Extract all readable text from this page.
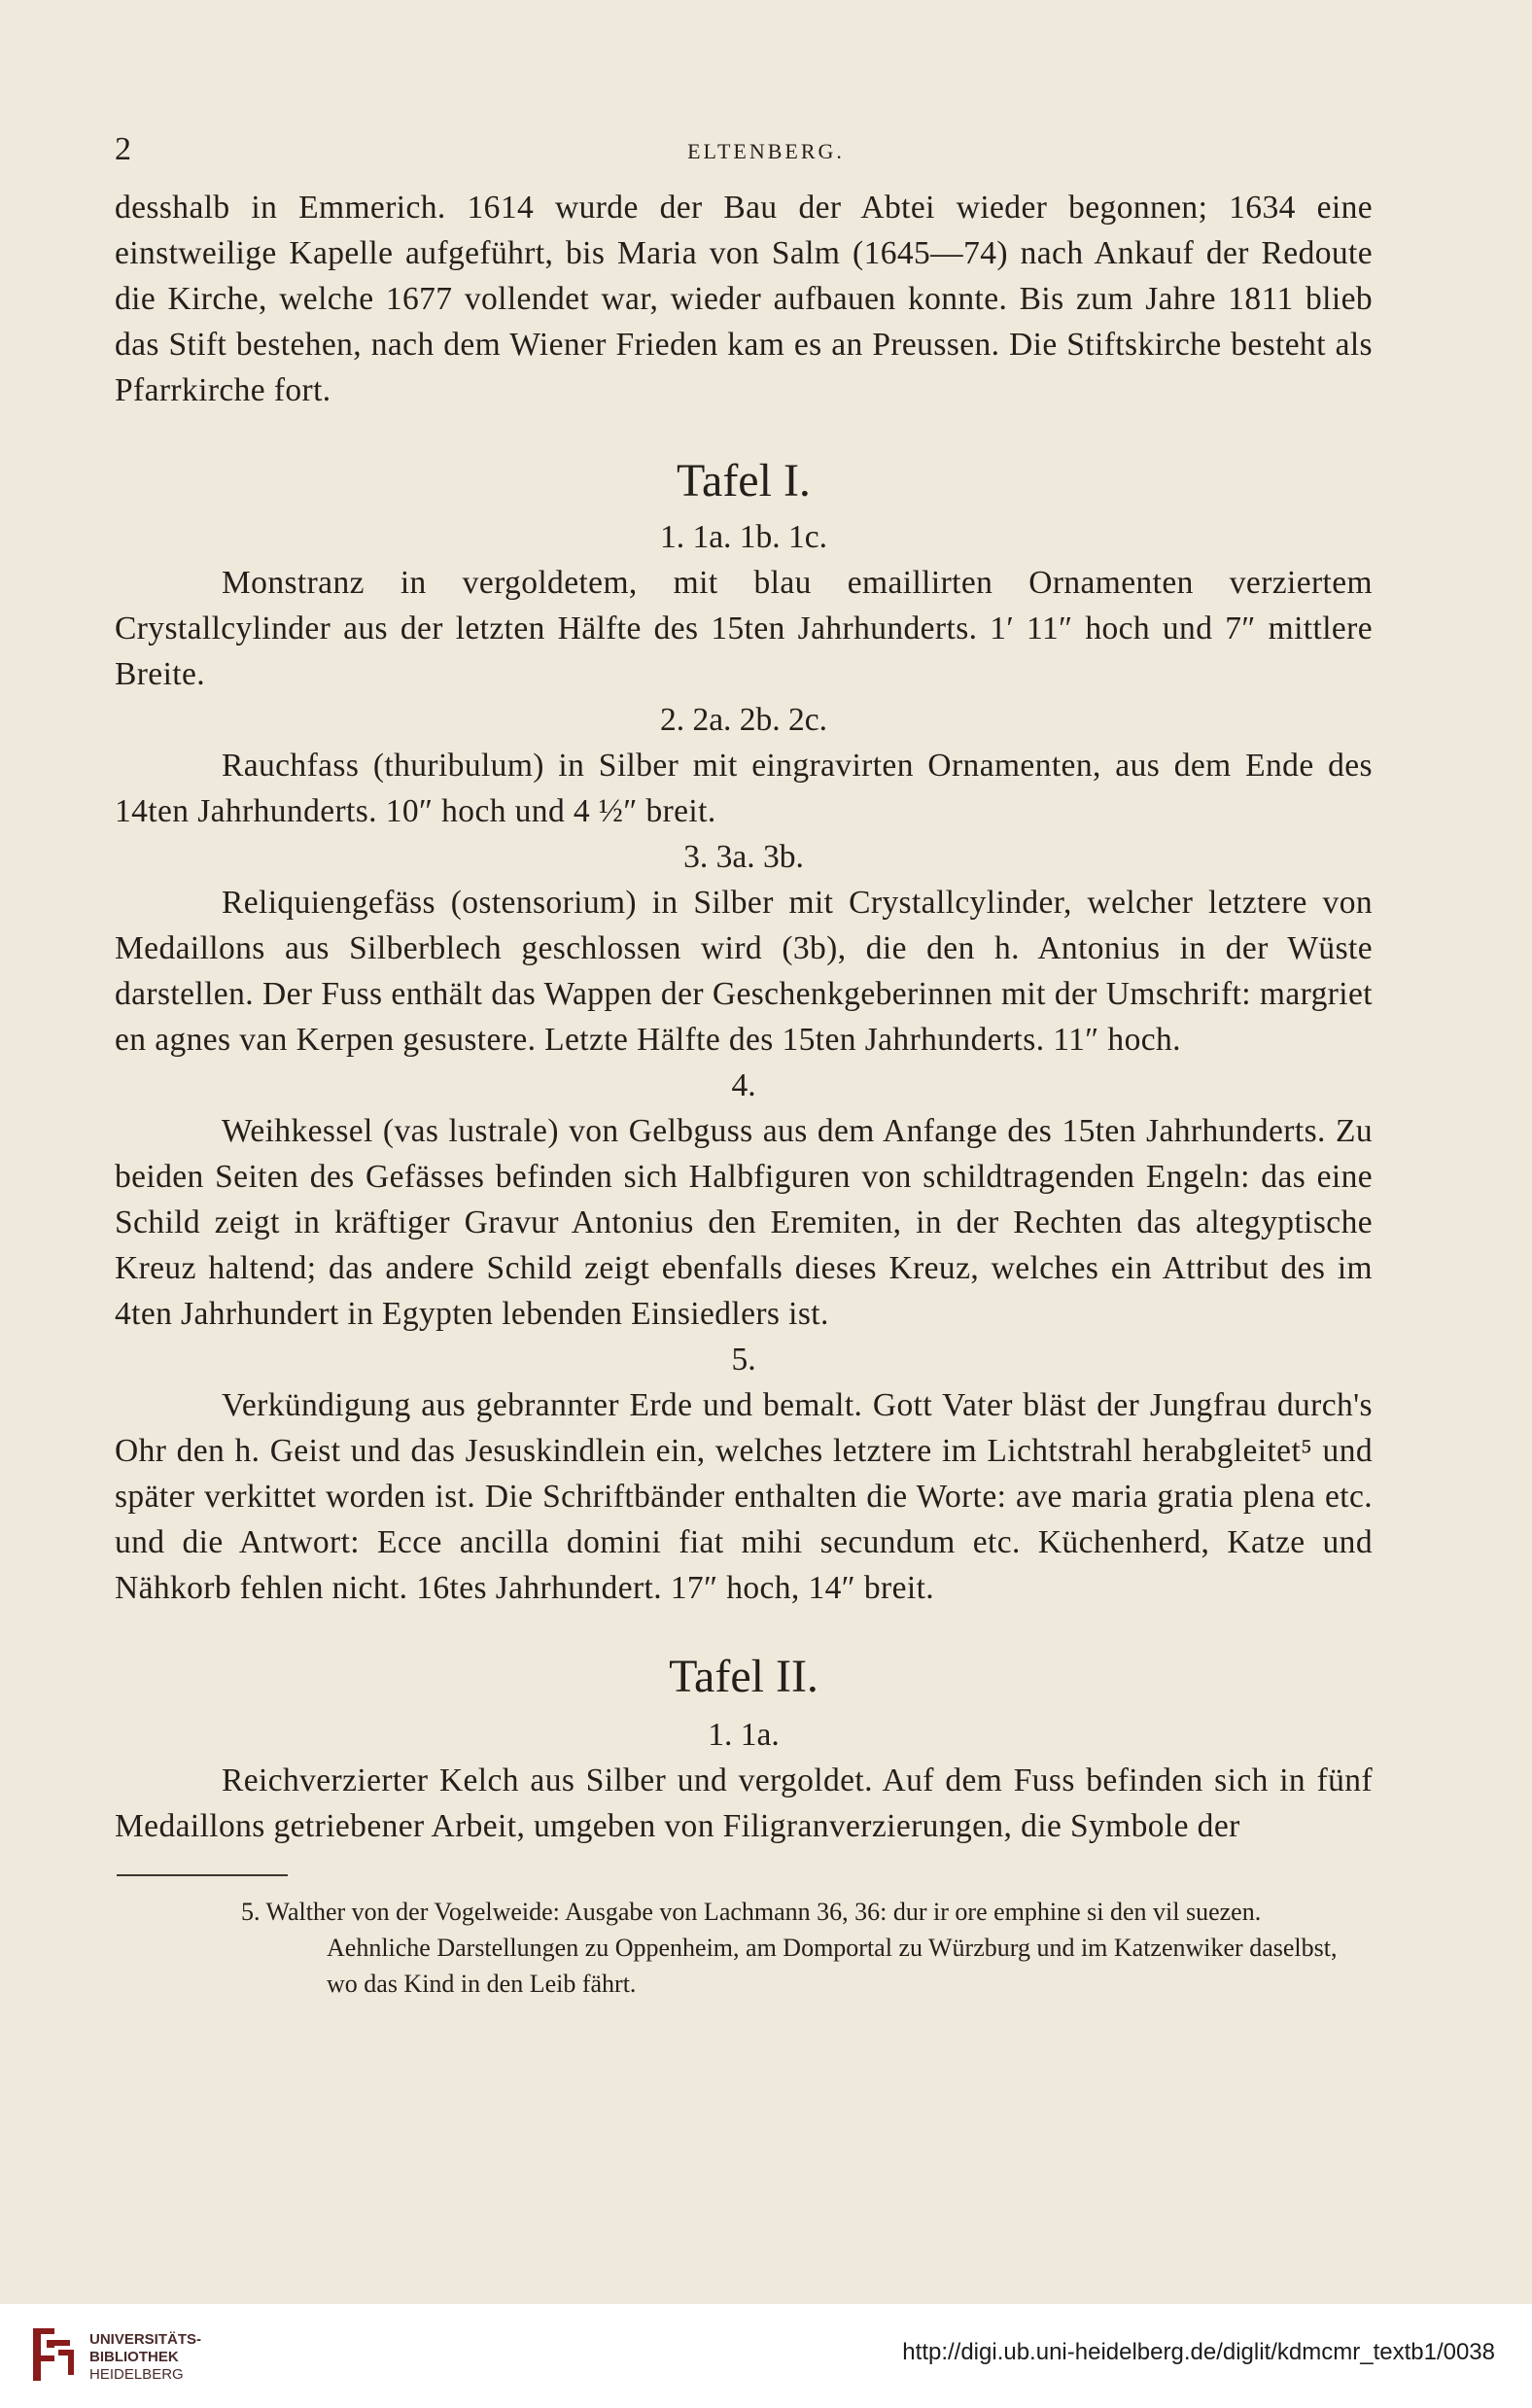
2	ELTENBERG.

desshalb in Emmerich. 1614 wurde der Bau der Abtei wieder begonnen; 1634 eine einstweilige Kapelle aufgeführt, bis Maria von Salm (1645—74) nach Ankauf der Redoute die Kirche, welche 1677 vollendet war, wieder aufbauen konnte. Bis zum Jahre 1811 blieb das Stift bestehen, nach dem Wiener Frieden kam es an Preussen. Die Stiftskirche besteht als Pfarrkirche fort.

Tafel I.
1. 1a. 1b. 1c.

Monstranz in vergoldetem, mit blau emaillirten Ornamenten verziertem Crystallcylinder aus der letzten Hälfte des 15ten Jahrhunderts. 1′ 11″ hoch und 7″ mittlere Breite.

2. 2a. 2b. 2c.

Rauchfass (thuribulum) in Silber mit eingravirten Ornamenten, aus dem Ende des 14ten Jahrhunderts. 10″ hoch und 4 ½″ breit.

3. 3a. 3b.

Reliquiengefäss (ostensorium) in Silber mit Crystallcylinder, welcher letztere von Medaillons aus Silberblech geschlossen wird (3b), die den h. Antonius in der Wüste darstellen. Der Fuss enthält das Wappen der Geschenkgeberinnen mit der Umschrift: margriet en agnes van Kerpen gesustere. Letzte Hälfte des 15ten Jahrhunderts. 11″ hoch.

4.

Weihkessel (vas lustrale) von Gelbguss aus dem Anfange des 15ten Jahrhunderts. Zu beiden Seiten des Gefässes befinden sich Halbfiguren von schildtragenden Engeln: das eine Schild zeigt in kräftiger Gravur Antonius den Eremiten, in der Rechten das altegyptische Kreuz haltend; das andere Schild zeigt ebenfalls dieses Kreuz, welches ein Attribut des im 4ten Jahrhundert in Egypten lebenden Einsiedlers ist.

5.

Verkündigung aus gebrannter Erde und bemalt. Gott Vater bläst der Jungfrau durch's Ohr den h. Geist und das Jesuskindlein ein, welches letztere im Lichtstrahl herabgleitet⁵ und später verkittet worden ist. Die Schriftbänder enthalten die Worte: ave maria gratia plena etc. und die Antwort: Ecce ancilla domini fiat mihi secundum etc. Küchenherd, Katze und Nähkorb fehlen nicht. 16tes Jahrhundert. 17″ hoch, 14″ breit.

Tafel II.
1. 1a.

Reichverzierter Kelch aus Silber und vergoldet. Auf dem Fuss befinden sich in fünf Medaillons getriebener Arbeit, umgeben von Filigranverzierungen, die Symbole der

5. Walther von der Vogelweide: Ausgabe von Lachmann 36, 36: dur ir ore emphine si den vil suezen.
Aehnliche Darstellungen zu Oppenheim, am Domportal zu Würzburg und im Katzenwiker daselbst,
wo das Kind in den Leib fährt.
UNIVERSITÄTS-
BIBLIOTHEK
HEIDELBERG
http://digi.ub.uni-heidelberg.de/diglit/kdmcmr_textb1/0038
